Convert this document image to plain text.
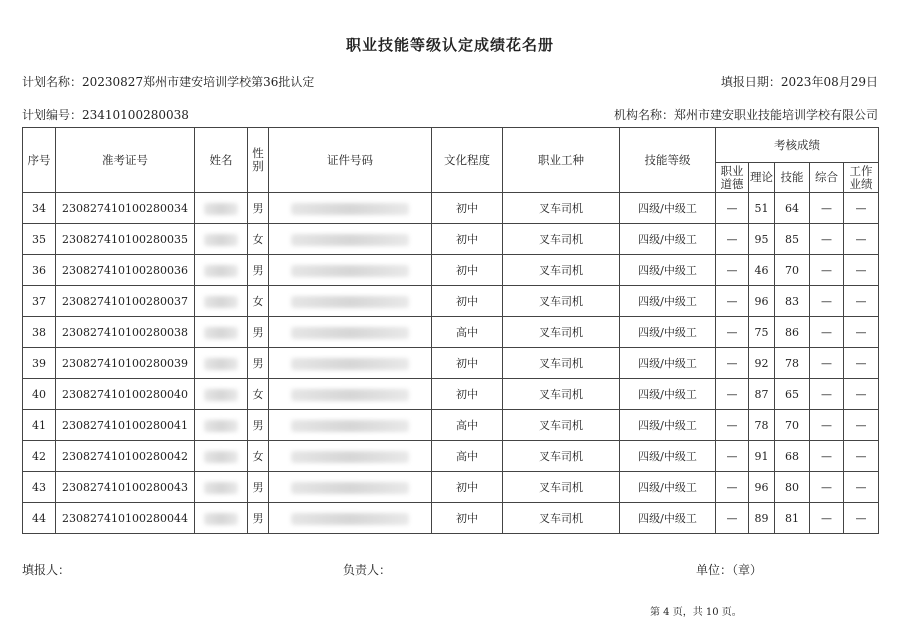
职业技能等级认定成绩花名册
计划名称：20230827郑州市建安培训学校第36批认定	填报日期：2023年08月29日
计划编号：23410100280038	机构名称：郑州市建安职业技能培训学校有限公司
序号	准考证号	姓名	性别	证件号码	文化程度	职业工种	技能等级	考核成绩				
								职业道德	理论	技能	综合	工作业绩
34	230827410100280034		男		初中	叉车司机	四级/中级工	—	51	64	—	—
35	230827410100280035		女		初中	叉车司机	四级/中级工	—	95	85	—	—
36	230827410100280036		男		初中	叉车司机	四级/中级工	—	46	70	—	—
37	230827410100280037		女		初中	叉车司机	四级/中级工	—	96	83	—	—
38	230827410100280038		男		高中	叉车司机	四级/中级工	—	75	86	—	—
39	230827410100280039		男		初中	叉车司机	四级/中级工	—	92	78	—	—
40	230827410100280040		女		初中	叉车司机	四级/中级工	—	87	65	—	—
41	230827410100280041		男		高中	叉车司机	四级/中级工	—	78	70	—	—
42	230827410100280042		女		高中	叉车司机	四级/中级工	—	91	68	—	—
43	230827410100280043		男		初中	叉车司机	四级/中级工	—	96	80	—	—
44	230827410100280044		男		初中	叉车司机	四级/中级工	—	89	81	—	—
填报人：	负责人：	单位：（章）
第 4 页，共 10 页。
